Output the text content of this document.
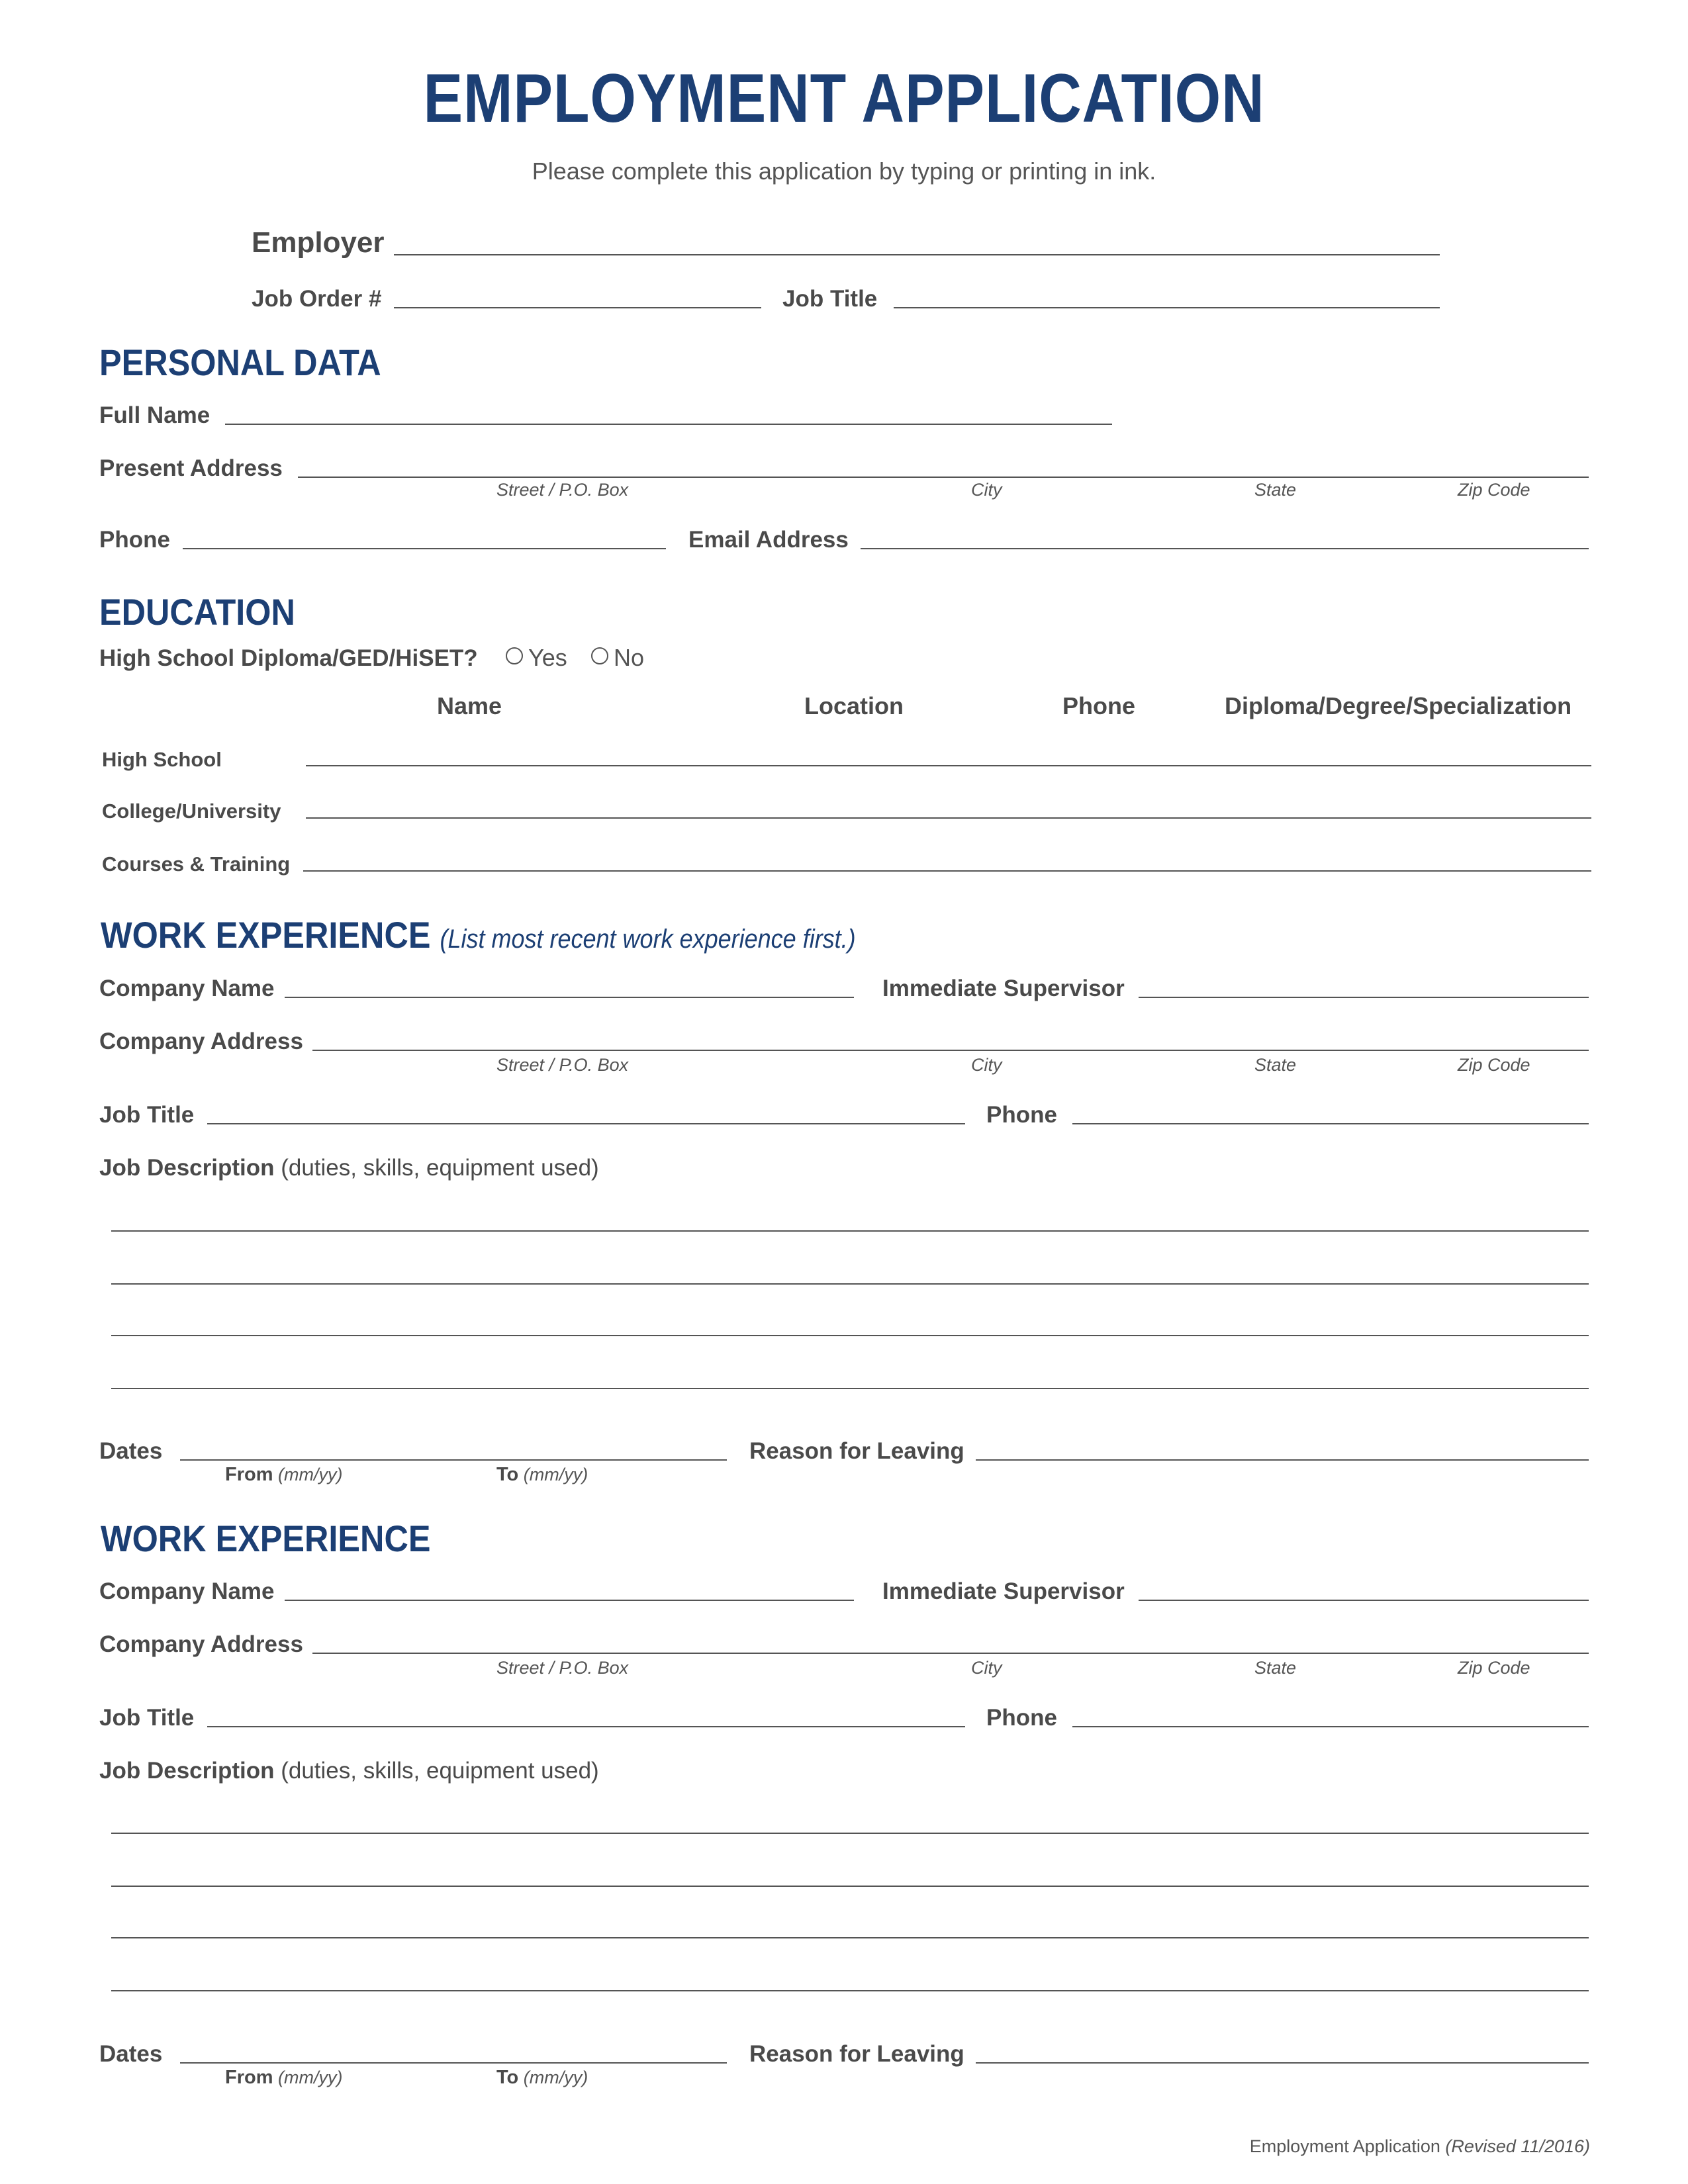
EMPLOYMENT APPLICATION
Please complete this application by typing or printing in ink.
Employer
Job Order #	Job Title
PERSONAL DATA
Full Name
Present Address
Street / P.O. Box	City	State	Zip Code
Phone	Email Address
EDUCATION
High School Diploma/GED/HiSET?	Yes	No
Name	Location	Phone	Diploma/Degree/Specialization
High School
College/University
Courses & Training
WORK EXPERIENCE (List most recent work experience first.)
Company Name	Immediate Supervisor
Company Address
Street / P.O. Box	City	State	Zip Code
Job Title	Phone
Job Description (duties, skills, equipment used)
Dates	Reason for Leaving
From (mm/yy)	To (mm/yy)
WORK EXPERIENCE
Company Name	Immediate Supervisor
Company Address
Street / P.O. Box	City	State	Zip Code
Job Title	Phone
Job Description (duties, skills, equipment used)
Dates	Reason for Leaving
From (mm/yy)	To (mm/yy)
Employment Application (Revised 11/2016)
